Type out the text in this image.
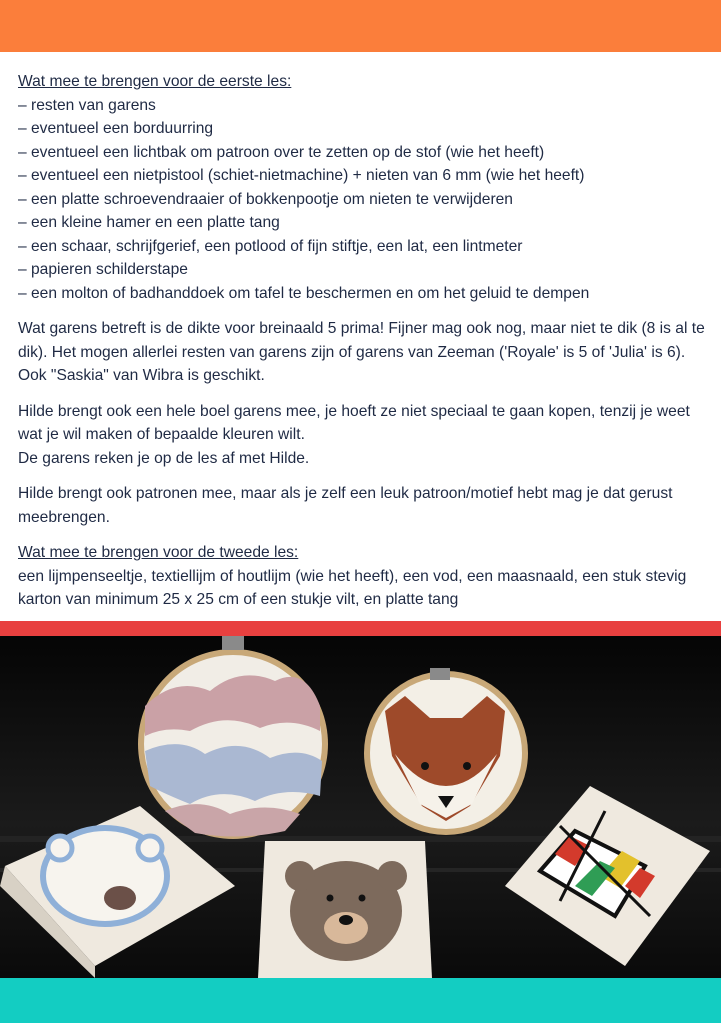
Wat mee te brengen voor de eerste les:
– resten van garens
– eventueel een borduurring
– eventueel een lichtbak om patroon over te zetten op de stof (wie het heeft)
– eventueel een nietpistool (schiet-nietmachine) + nieten van 6 mm (wie het heeft)
– een platte schroevendraaier of bokkenpootje om nieten te verwijderen
– een kleine hamer en een platte tang
– een schaar, schrijfgerief, een potlood of fijn stiftje, een lat, een lintmeter
– papieren schilderstape
– een molton of badhanddoek om tafel te beschermen en om het geluid te dempen

Wat garens betreft is de dikte voor breinaald 5 prima! Fijner mag ook nog, maar niet te dik (8 is al te dik). Het mogen allerlei resten van garens zijn of garens van Zeeman ('Royale' is 5 of 'Julia' is 6). Ook "Saskia" van Wibra is geschikt.

Hilde brengt ook een hele boel garens mee, je hoeft ze niet speciaal te gaan kopen, tenzij je weet wat je wil maken of bepaalde kleuren wilt.
De garens reken je op de les af met Hilde.

Hilde brengt ook patronen mee, maar als je zelf een leuk patroon/motief hebt mag je dat gerust meebrengen.

Wat mee te brengen voor de tweede les:
een lijmpenseeltje, textiellijm of houtlijm (wie het heeft), een vod, een maasnaald, een stuk stevig karton van minimum 25 x 25 cm of een stukje vilt, en platte tang
